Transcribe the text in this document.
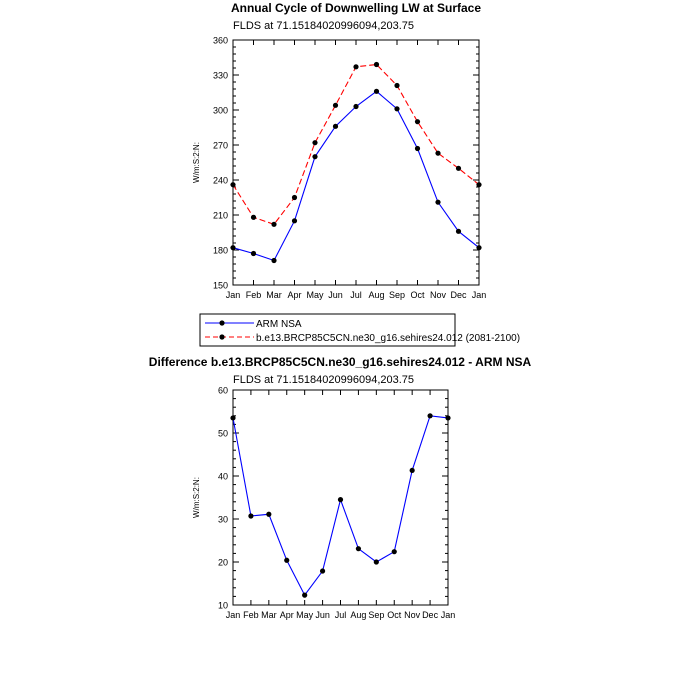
Annual Cycle of Downwelling LW at Surface
FLDS at 71.15184020996094,203.75
Jan Feb Mar Apr May Jun Jul Aug Sep Oct Nov Dec Jan
150
180
210
240
270
300
330
360
W/m:S:2:N:
ARM NSA
b.e13.BRCP85C5CN.ne30_g16.sehires24.012 (2081-2100)
Difference b.e13.BRCP85C5CN.ne30_g16.sehires24.012 - ARM NSA
FLDS at 71.15184020996094,203.75
Jan Feb Mar Apr May Jun Jul Aug Sep Oct Nov Dec Jan
10
20
30
40
50
60
W/m:S:2:N:
